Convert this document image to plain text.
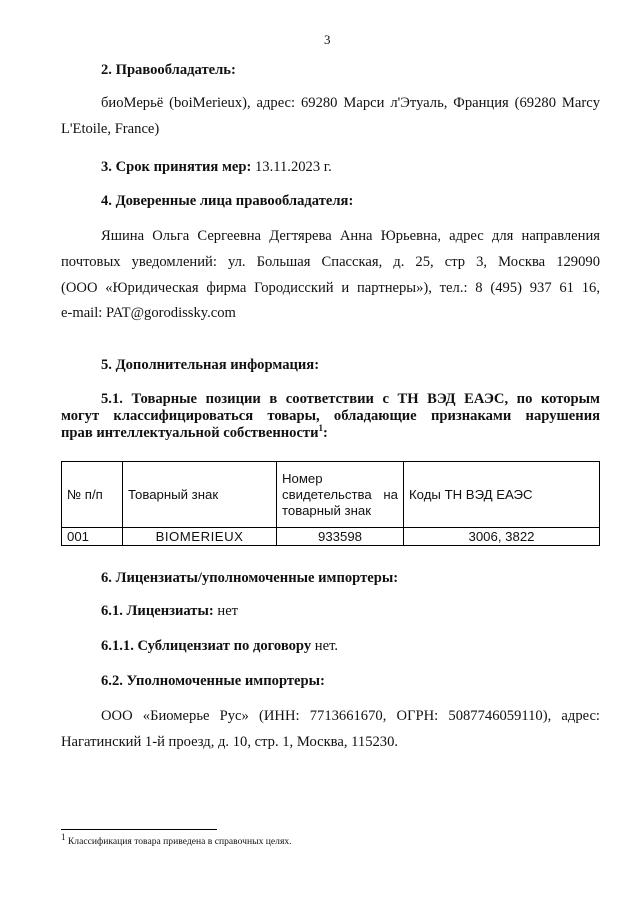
3
2. Правообладатель:
биоМерьё (boiMerieux), адрес: 69280 Марси л'Этуаль, Франция (69280 Marcy
L'Etoile, France)
3. Срок принятия мер: 13.11.2023 г.
4. Доверенные лица правообладателя:
Яшина Ольга Сергеевна Дегтярева Анна Юрьевна, адрес для направления
почтовых уведомлений: ул. Большая Спасская, д. 25, стр 3, Москва 129090
(ООО «Юридическая фирма Городисский и партнеры»), тел.: 8 (495) 937 61 16,
e-mail: PAT@gorodissky.com
5. Дополнительная информация:
5.1. Товарные позиции в соответствии с ТН ВЭД ЕАЭС, по которым
могут классифицироваться товары, обладающие признаками нарушения
прав интеллектуальной собственности$^1$:
№ п/п	Товарный знак	Номер свидетельства на товарный знак	Коды ТН ВЭД ЕАЭС
001	BIOMERIEUX	933598	3006, 3822
6. Лицензиаты/уполномоченные импортеры:
6.1. Лицензиаты: нет
6.1.1. Сублицензиат по договору нет.
6.2. Уполномоченные импортеры:
ООО «Биомерье Рус» (ИНН: 7713661670, ОГРН: 5087746059110), адрес:
Нагатинский 1-й проезд, д. 10, стр. 1, Москва, 115230.
$^1$ Классификация товара приведена в справочных целях.
